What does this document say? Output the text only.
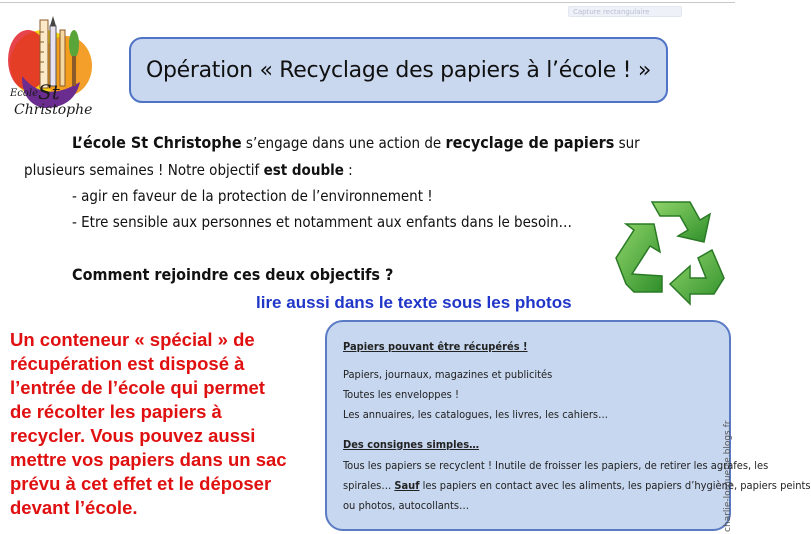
Capture rectangulaire
Ecole St
Christophe
Opération « Recyclage des papiers à l’école ! »
L’école St Christophe s’engage dans une action de recyclage de papiers sur
plusieurs semaines ! Notre objectif est double :
- agir en faveur de la protection de l’environnement !
- Etre sensible aux personnes et notamment aux enfants dans le besoin…
Comment rejoindre ces deux objectifs ?
lire aussi dans le texte sous les photos
Un conteneur « spécial » de
récupération est disposé à
l’entrée de l’école qui permet
de récolter les papiers à
recycler. Vous pouvez aussi
mettre vos papiers dans un sac
prévu à cet effet et le déposer
devant l’école.
Papiers pouvant être récupérés !
Papiers, journaux, magazines et publicités
Toutes les enveloppes !
Les annuaires, les catalogues, les livres, les cahiers…
Des consignes simples…
Tous les papiers se recyclent ! Inutile de froisser les papiers, de retirer les agrafes, les
spirales… Sauf les papiers en contact avec les aliments, les papiers d’hygiène, papiers peints
ou photos, autocollants…	charlie-lorguette.blogs.fr
